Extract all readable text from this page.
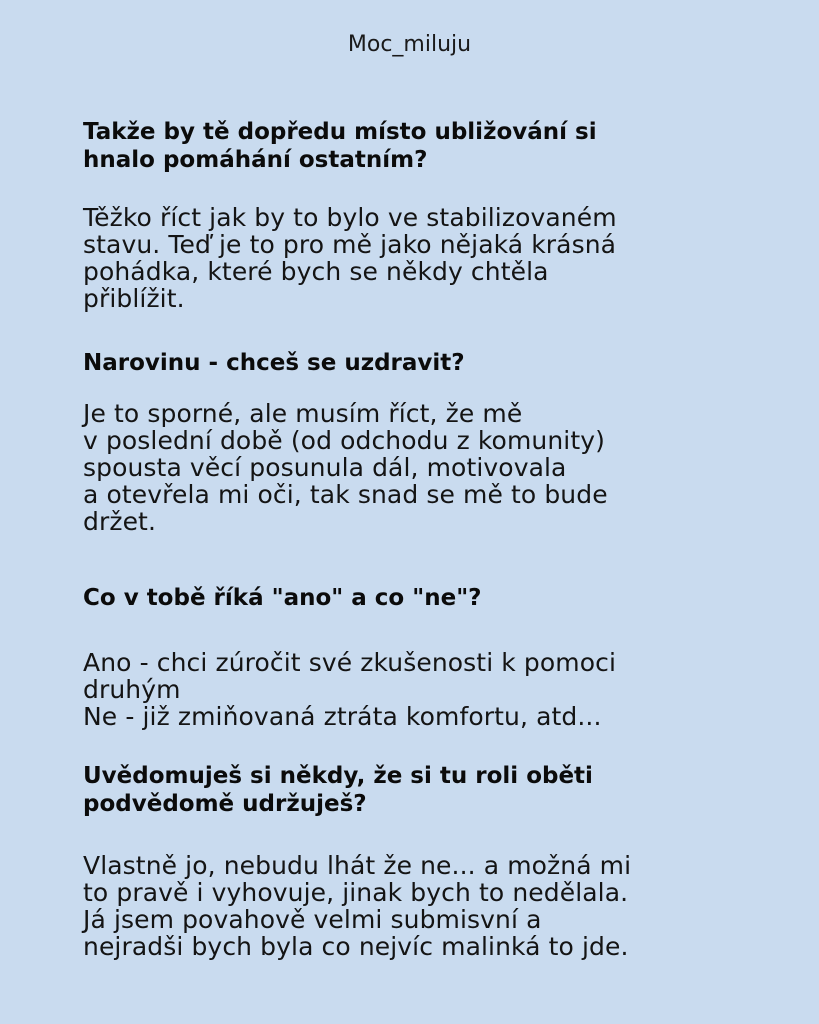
Moc_miluju
Takže by tě dopředu místo ubližování si
hnalo pomáhání ostatním?
Těžko říct jak by to bylo ve stabilizovaném
stavu. Teď je to pro mě jako nějaká krásná
pohádka, které bych se někdy chtěla
přiblížit.
Narovinu - chceš se uzdravit?
Je to sporné, ale musím říct, že mě
v poslední době (od odchodu z komunity)
spousta věcí posunula dál, motivovala
a otevřela mi oči, tak snad se mě to bude
držet.
Co v tobě říká "ano" a co "ne"?
Ano - chci zúročit své zkušenosti k pomoci
druhým
Ne - již zmiňovaná ztráta komfortu, atd...
Uvědomuješ si někdy, že si tu roli oběti
podvědomě udržuješ?
Vlastně jo, nebudu lhát že ne... a možná mi
to pravě i vyhovuje, jinak bych to nedělala.
Já jsem povahově velmi submisvní a
nejradši bych byla co nejvíc malinká to jde.
